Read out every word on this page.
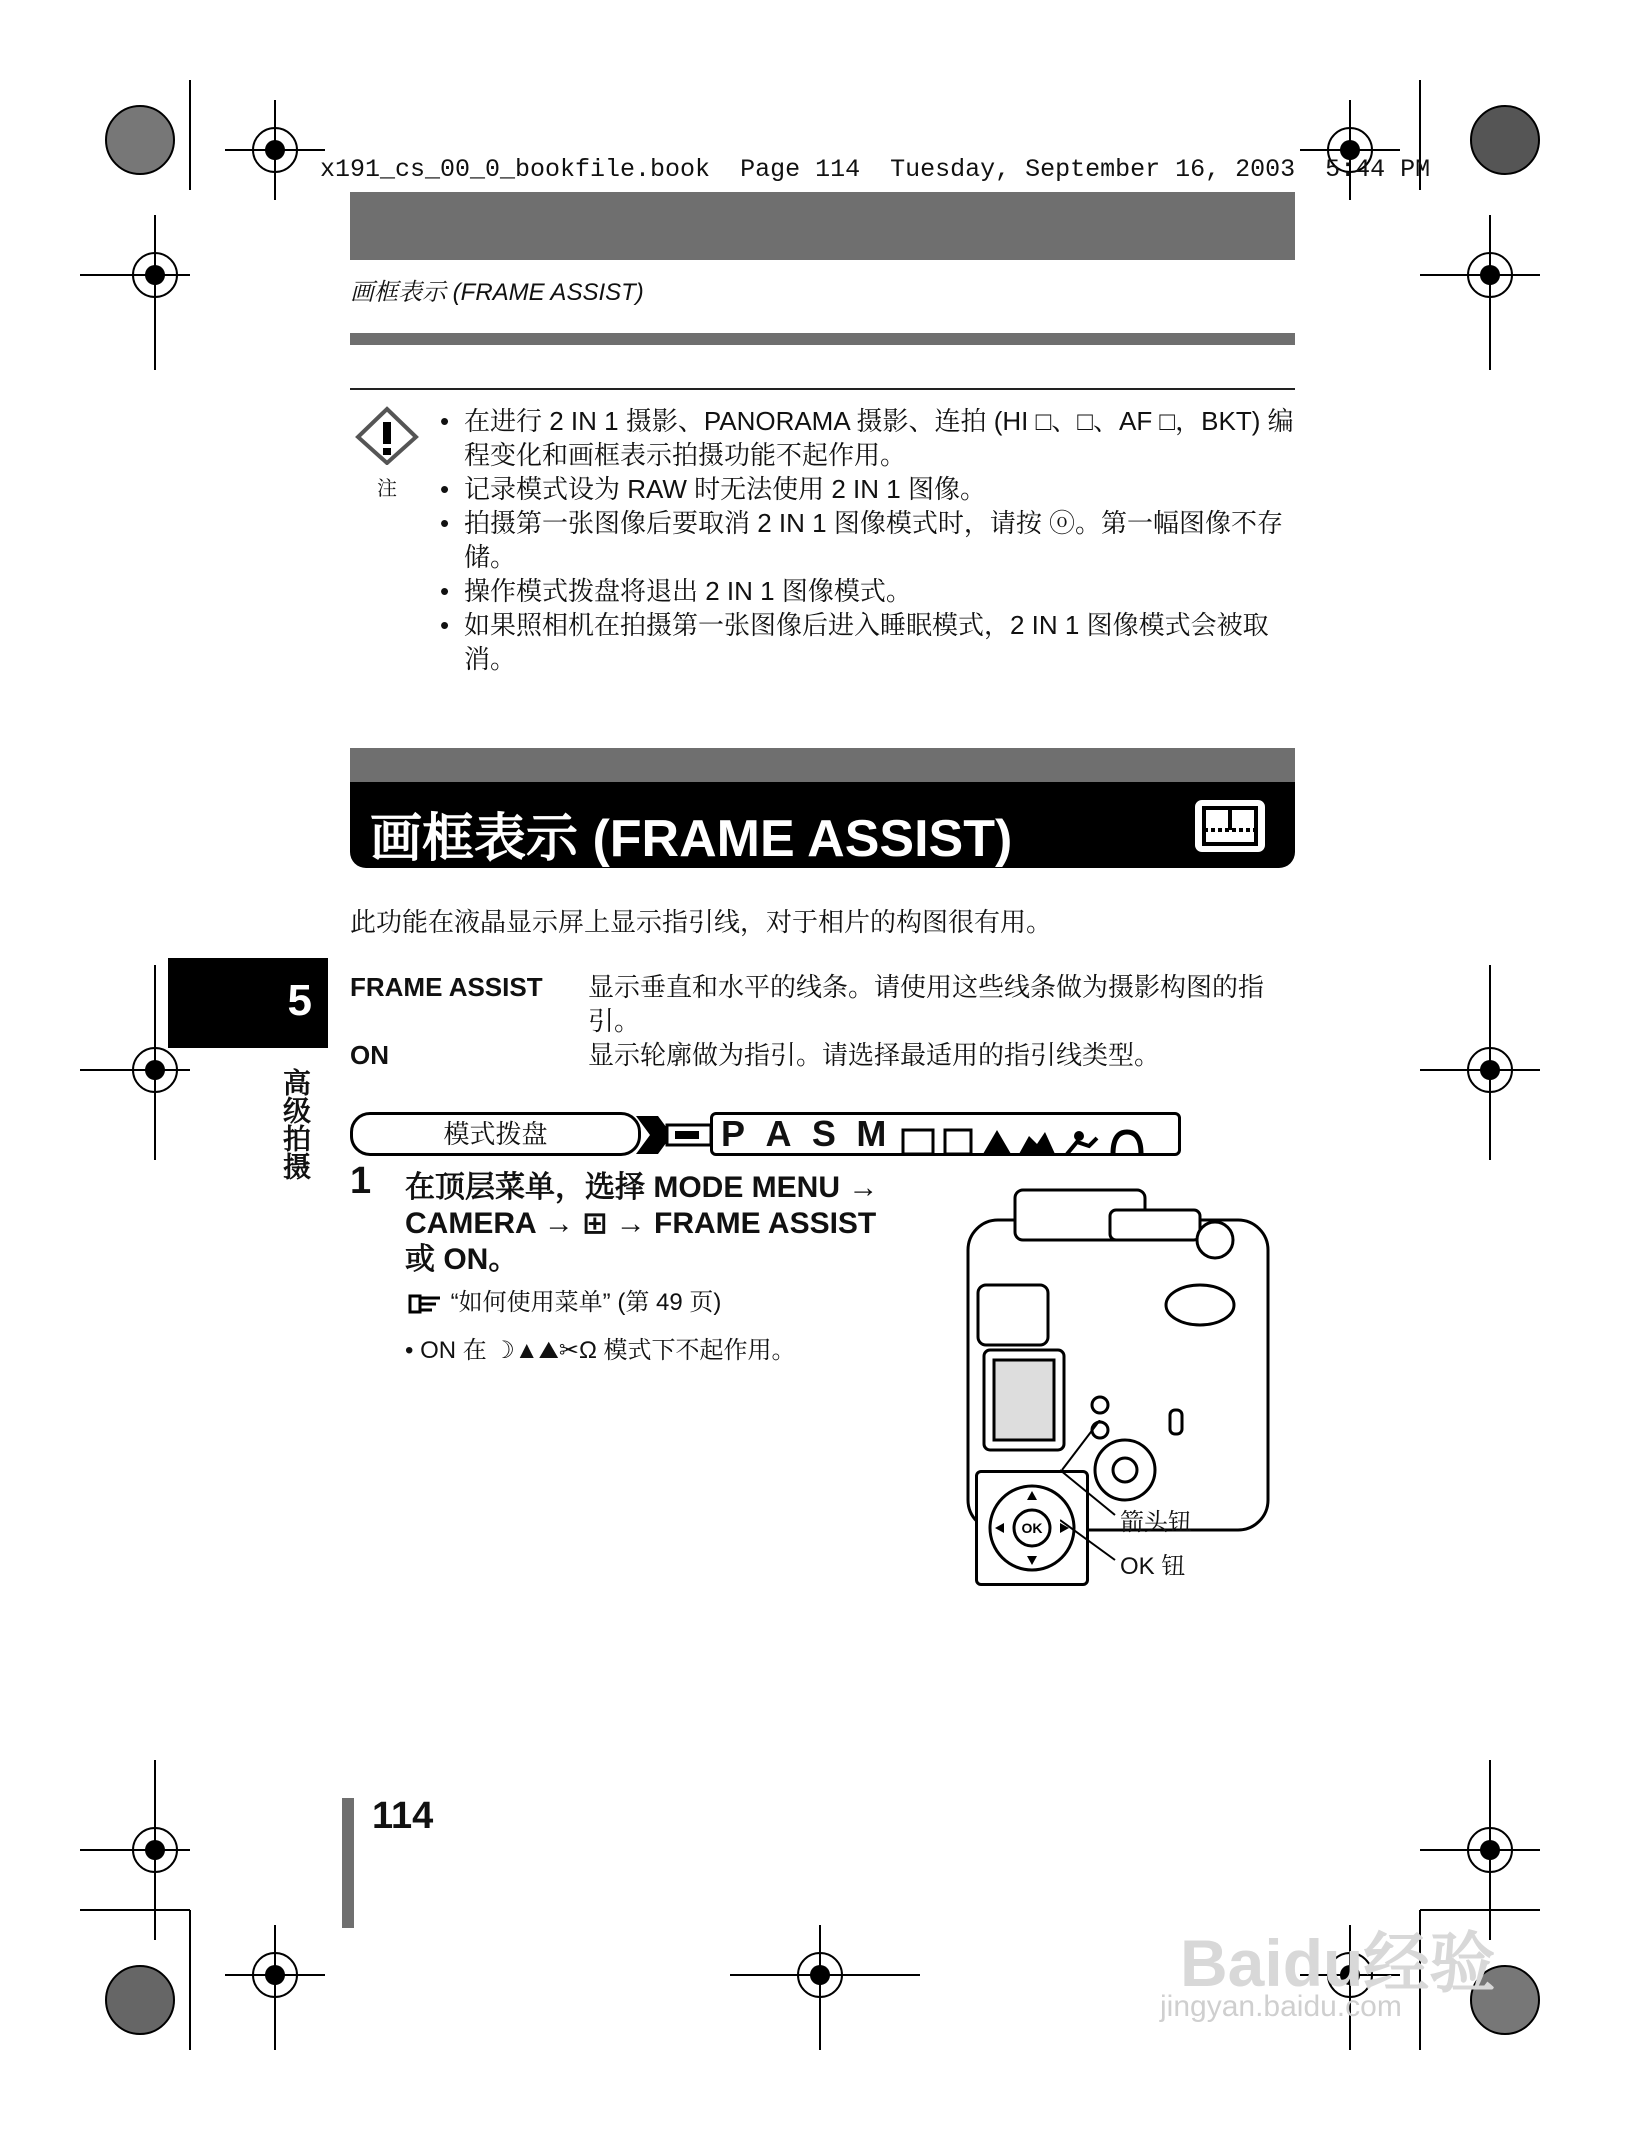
x191_cs_00_0_bookfile.book  Page 114  Tuesday, September 16, 2003  5:44 PM
画框表示 (FRAME ASSIST)
注
• 在进行 2 IN 1 摄影、PANORAMA 摄影、连拍 (HI □、□、AF □，BKT) 编程变化和画框表示拍摄功能不起作用。
• 记录模式设为 RAW 时无法使用 2 IN 1 图像。
• 拍摄第一张图像后要取消 2 IN 1 图像模式时，请按 ⓞ。第一幅图像不存储。
• 操作模式拨盘将退出 2 IN 1 图像模式。
• 如果照相机在拍摄第一张图像后进入睡眠模式，2 IN 1 图像模式会被取消。
画框表示 (FRAME ASSIST)
此功能在液晶显示屏上显示指引线，对于相片的构图很有用。
FRAME ASSIST 显示垂直和水平的线条。请使用这些线条做为摄影构图的指引。
ON	显示轮廓做为指引。请选择最适用的指引线类型。
5
高级拍摄	模式拨盘	P A S M
1 在顶层菜单，选择 MODE MENU →
CAMERA → ⊞ → FRAME ASSIST
或 ON。
“如何使用菜单” (第 49 页)
• ON 在 ☽▲⛰✂Ω 模式下不起作用。
OK	箭头钮
OK 钮
114
Baidu经验
jingyan.baidu.com
